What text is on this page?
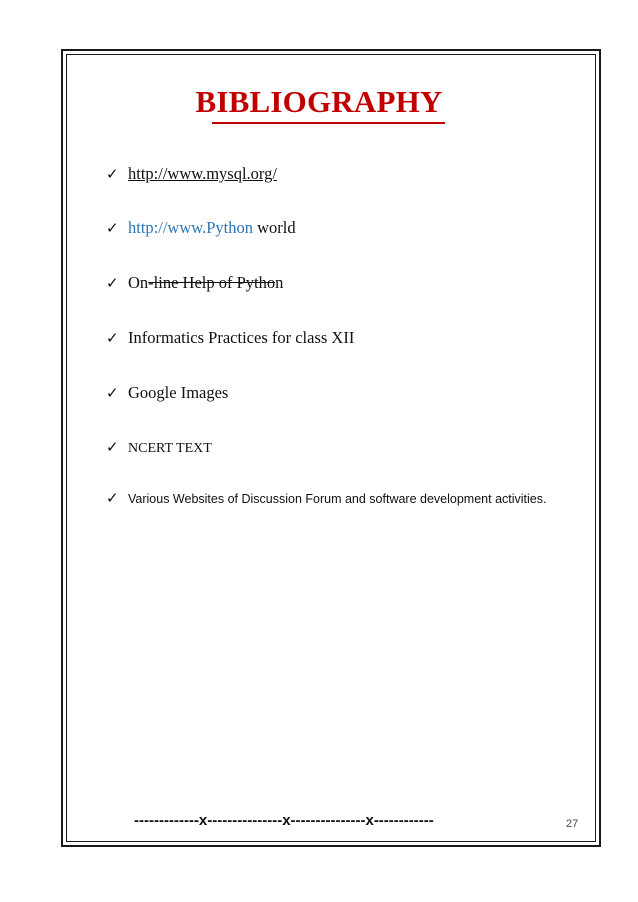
BIBLIOGRAPHY
✓ http://www.mysql.org/
✓ http://www.Python world
✓ On-line Help of Python
✓ Informatics Practices for class XII
✓ Google Images
✓ NCERT TEXT
✓ Various Websites of Discussion Forum and software development activities.
-------------x---------------x---------------x------------	27
